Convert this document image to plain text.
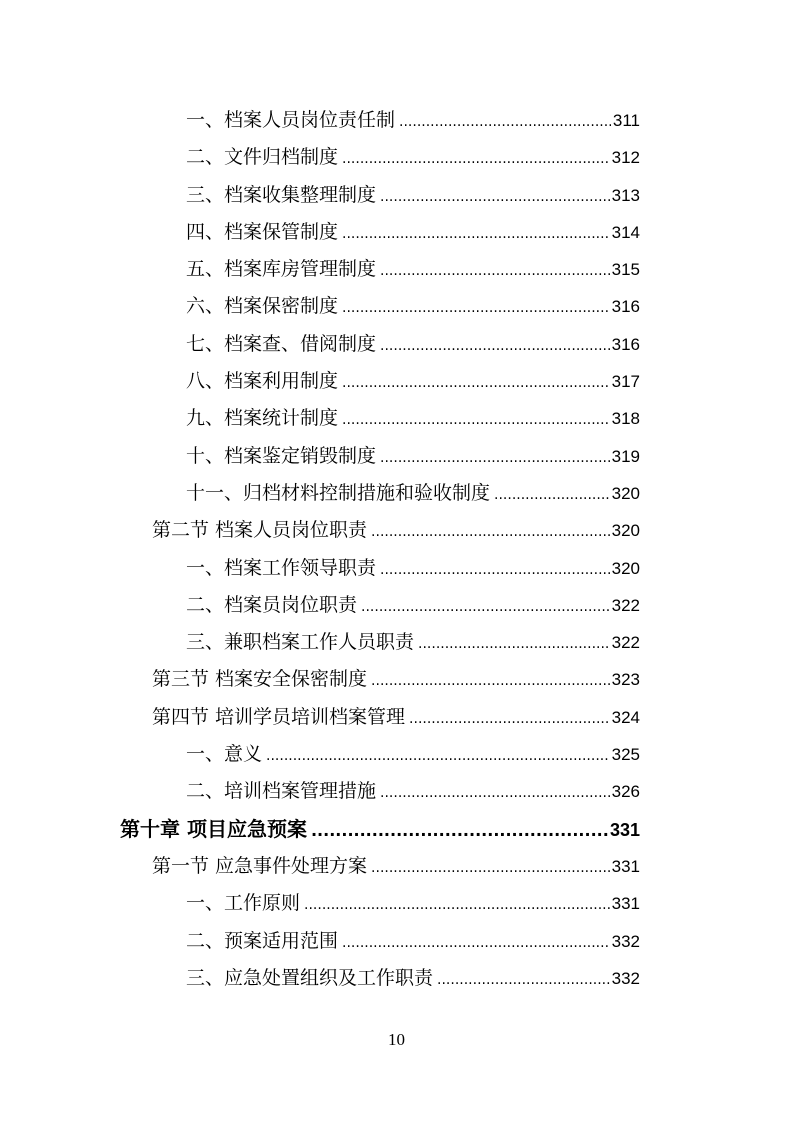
一、档案人员岗位责任制 .....	311
二、文件归档制度 .....	312
三、档案收集整理制度 .....	313
四、档案保管制度 .....	314
五、档案库房管理制度 .....	315
六、档案保密制度 .....	316
七、档案查、借阅制度 .....	316
八、档案利用制度 .....	317
九、档案统计制度 .....	318
十、档案鉴定销毁制度 .....	319
十一、归档材料控制措施和验收制度 .....	320
第二节 档案人员岗位职责 .....	320
一、档案工作领导职责 .....	320
二、档案员岗位职责 .....	322
三、兼职档案工作人员职责 .....	322
第三节 档案安全保密制度 .....	323
第四节 培训学员培训档案管理 .....	324
一、意义 .....	325
二、培训档案管理措施 .....	326
第十章 项目应急预案 .....	331
第一节 应急事件处理方案 .....	331
一、工作原则 .....	331
二、预案适用范围 .....	332
三、应急处置组织及工作职责 .....	332
10
